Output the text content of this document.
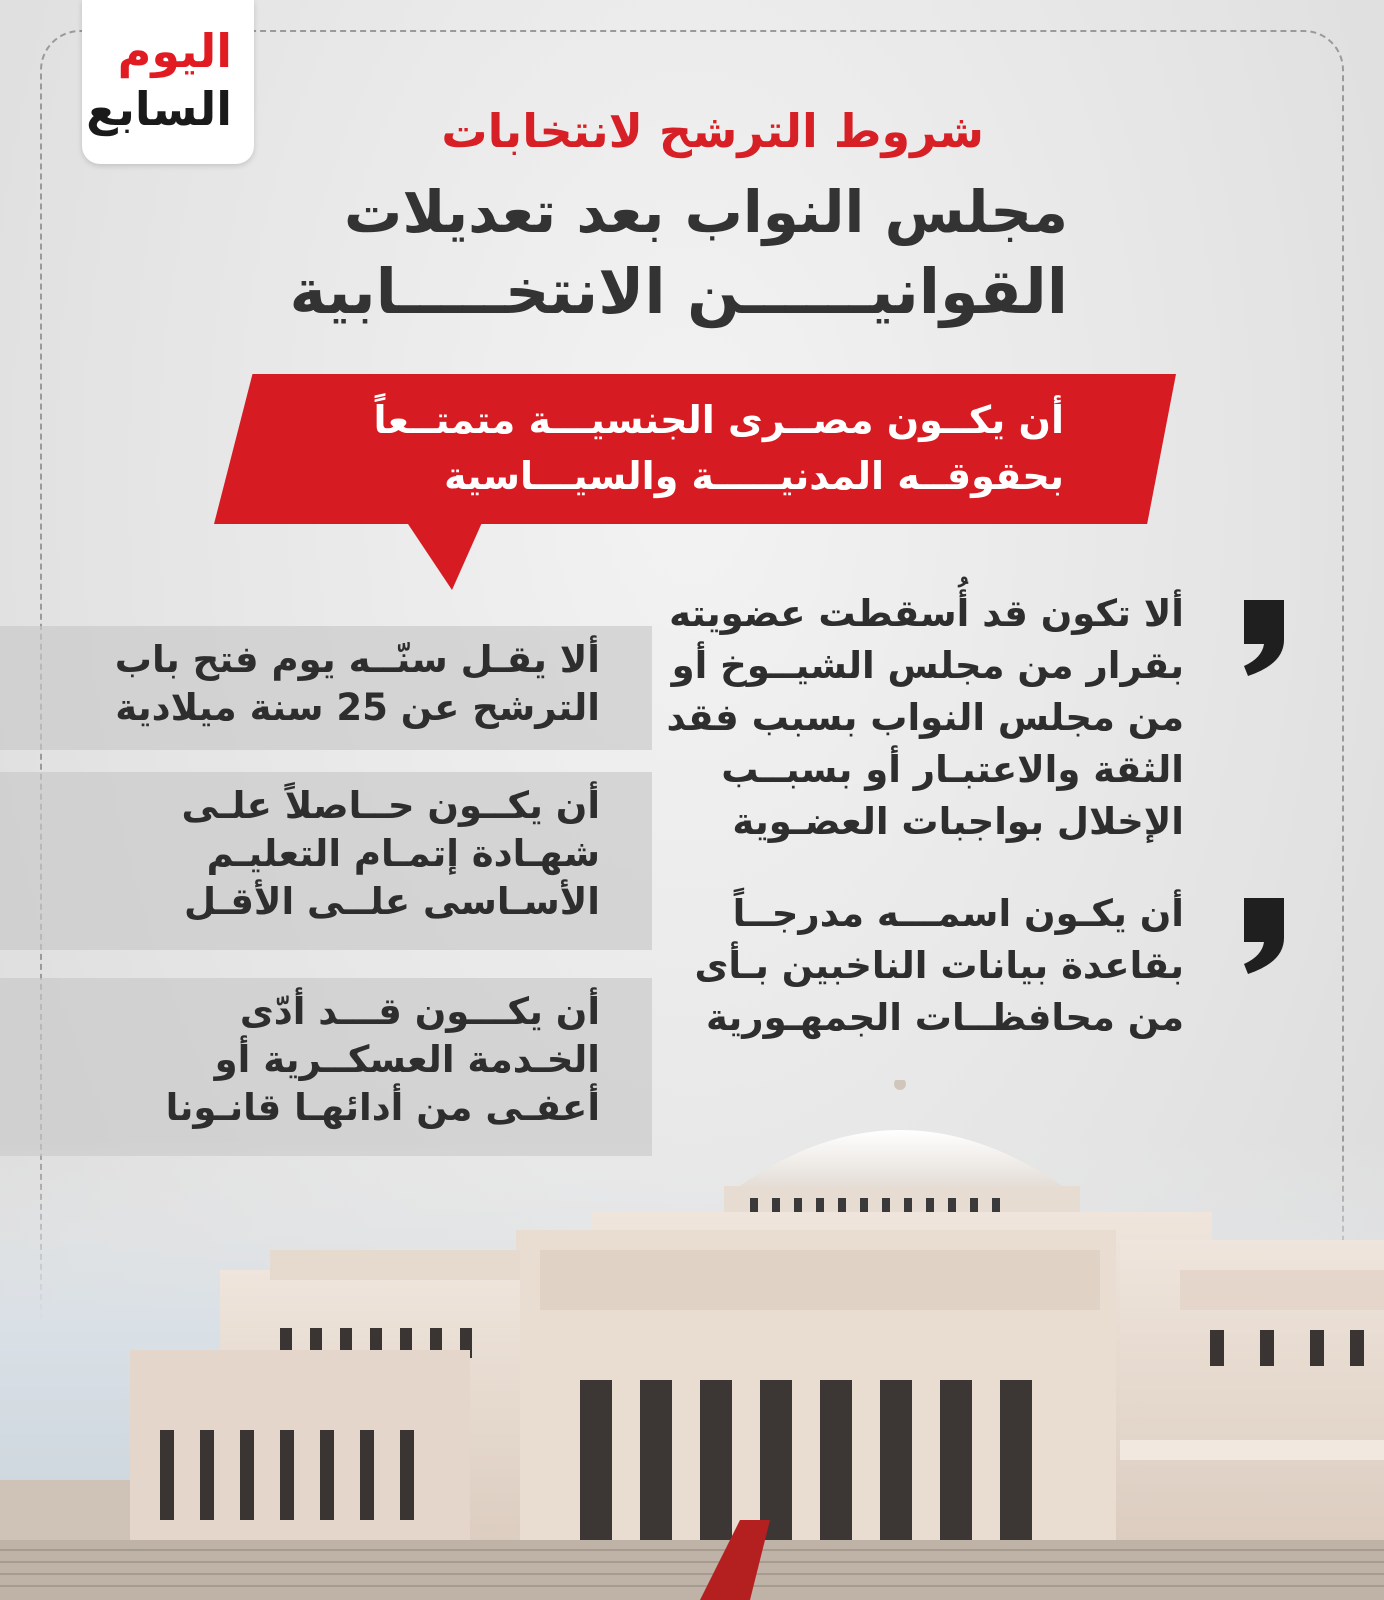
اليوم
السابع	شروط الترشح لانتخابات
مجلس النواب بعد تعديلات
القوانيــــــن الانتخـــــابية
أن يكــون مصــرى الجنسيـــة متمتــعاً
بحقوقــه المدنيـــــة والسيـــاسية
ألا يقـل سنّــه يوم فتح باب
الترشح عن 25 سنة ميلادية
أن يكــون حــاصلاً علـى
شهـادة إتمـام التعليـم
الأسـاسى علــى الأقـل
أن يكـــون قـــد أدّى
الخـدمة العسكــرية أو
أعفـى من أدائهـا قانـونا
ألا تكون قد أُسقطت عضويته
بقرار من مجلس الشيــوخ أو
من مجلس النواب بسبب فقد
الثقة والاعتبـار أو بسبــب
الإخلال بواجبات العضـوية
أن يكـون اسمـــه مدرجــاً
بقاعدة بيانات الناخبين بـأى
من محافظــات الجمهـورية
